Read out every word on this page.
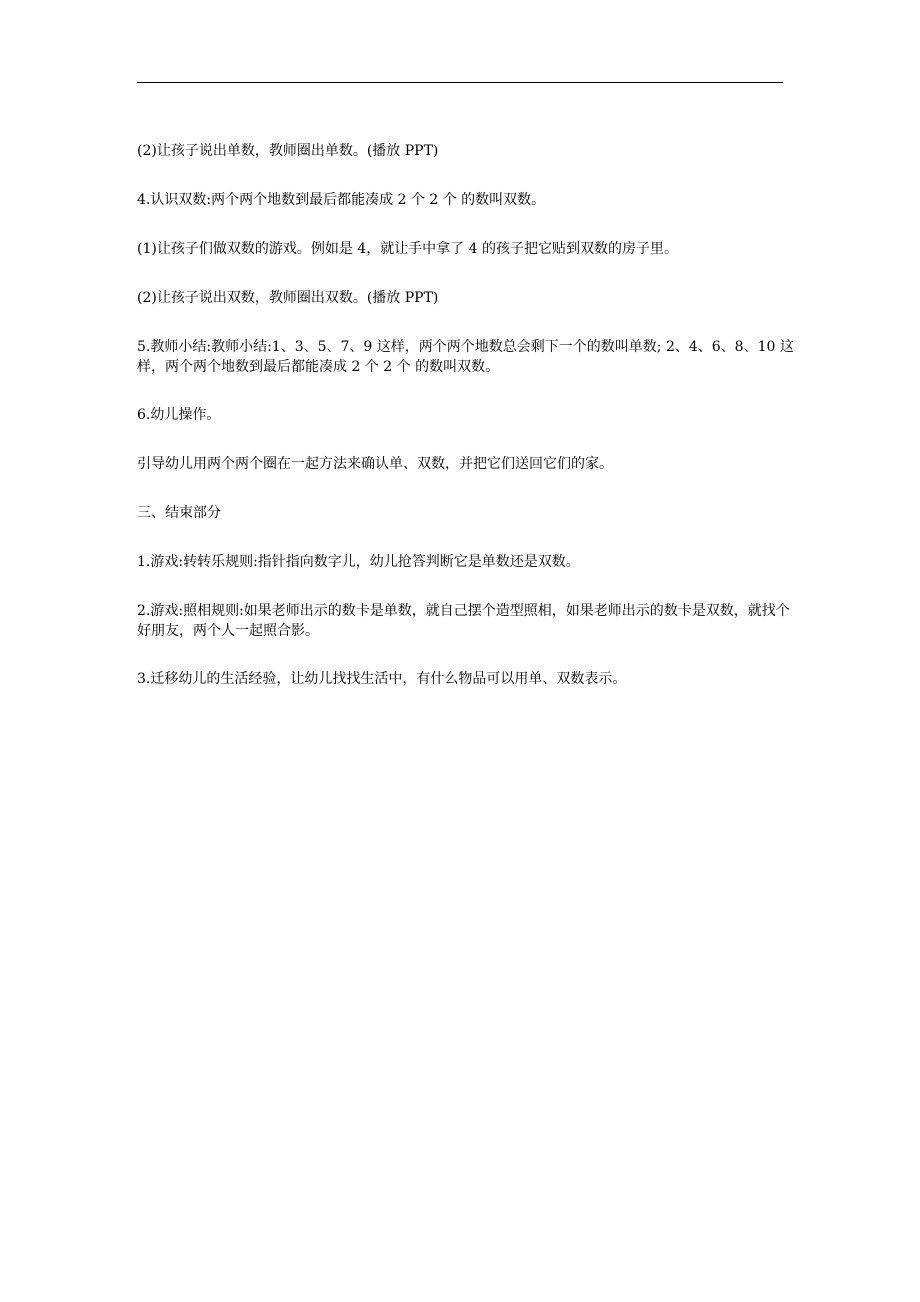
(2)让孩子说出单数，教师圈出单数。(播放 PPT)

4.认识双数:两个两个地数到最后都能凑成 2 个 2 个 的数叫双数。

(1)让孩子们做双数的游戏。例如是 4，就让手中拿了 4 的孩子把它贴到双数的房子里。

(2)让孩子说出双数，教师圈出双数。(播放 PPT)

5.教师小结:教师小结:1、3、5、7、9 这样，两个两个地数总会剩下一个的数叫单数; 2、4、6、8、10 这样，两个两个地数到最后都能凑成 2 个 2 个 的数叫双数。

6.幼儿操作。

引导幼儿用两个两个圈在一起方法来确认单、双数，并把它们送回它们的家。

三、结束部分

1.游戏:转转乐规则:指针指向数字儿，幼儿抢答判断它是单数还是双数。

2.游戏:照相规则:如果老师出示的数卡是单数，就自己摆个造型照相，如果老师出示的数卡是双数，就找个好朋友，两个人一起照合影。

3.迁移幼儿的生活经验，让幼儿找找生活中，有什么物品可以用单、双数表示。
